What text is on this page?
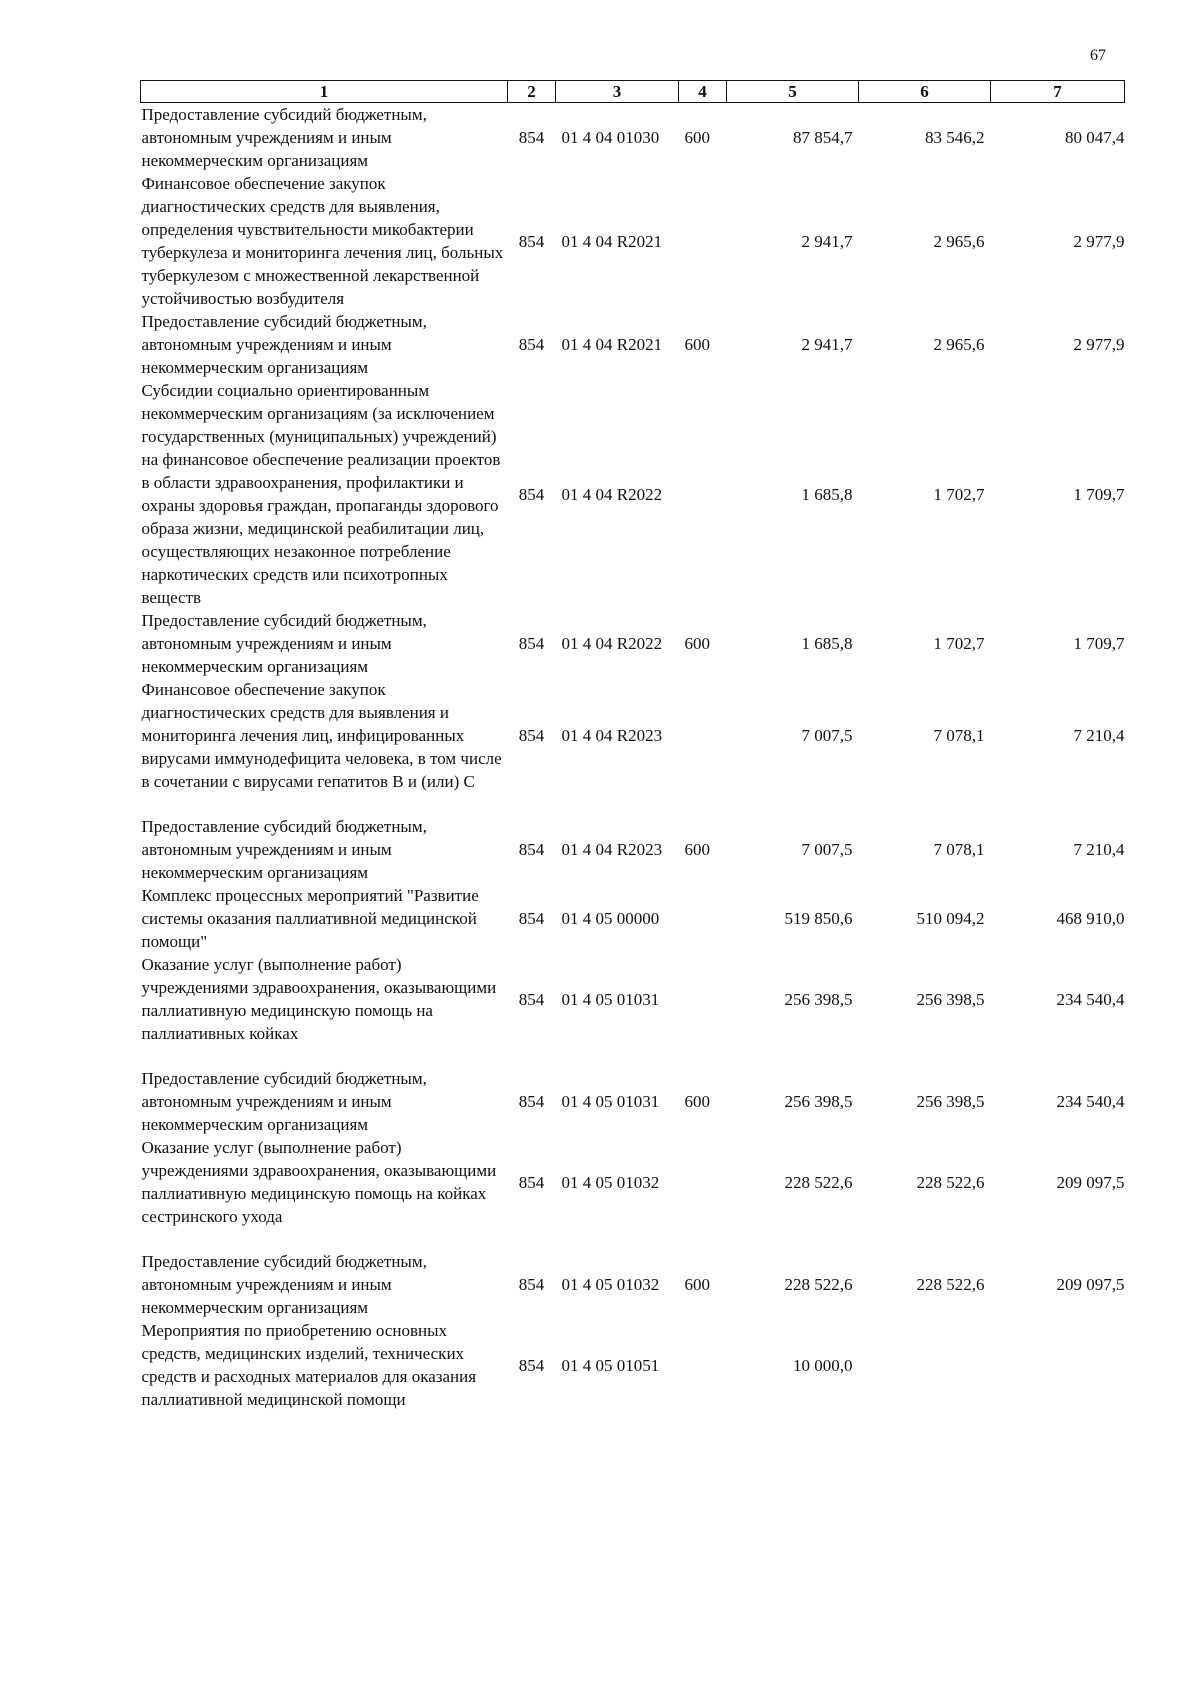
67
1	2	3	4	5	6	7
Предоставление субсидий бюджетным, автономным учреждениям и иным некоммерческим организациям	854	01 4 04 01030	600	87 854,7	83 546,2	80 047,4
Финансовое обеспечение закупок диагностических средств для выявления, определения чувствительности микобактерии туберкулеза и мониторинга лечения лиц, больных туберкулезом с множественной лекарственной устойчивостью возбудителя	854	01 4 04 R2021		2 941,7	2 965,6	2 977,9
Предоставление субсидий бюджетным, автономным учреждениям и иным некоммерческим организациям	854	01 4 04 R2021	600	2 941,7	2 965,6	2 977,9
Субсидии социально ориентированным некоммерческим организациям (за исключением государственных (муниципальных) учреждений) на финансовое обеспечение реализации проектов в области здравоохранения, профилактики и охраны здоровья граждан, пропаганды здорового образа жизни, медицинской реабилитации лиц, осуществляющих незаконное потребление наркотических средств или психотропных веществ	854	01 4 04 R2022		1 685,8	1 702,7	1 709,7
Предоставление субсидий бюджетным, автономным учреждениям и иным некоммерческим организациям	854	01 4 04 R2022	600	1 685,8	1 702,7	1 709,7
Финансовое обеспечение закупок диагностических средств для выявления и мониторинга лечения лиц, инфицированных вирусами иммунодефицита человека, в том числе в сочетании с вирусами гепатитов B и (или) C	854	01 4 04 R2023		7 007,5	7 078,1	7 210,4

Предоставление субсидий бюджетным, автономным учреждениям и иным некоммерческим организациям	854	01 4 04 R2023	600	7 007,5	7 078,1	7 210,4
Комплекс процессных мероприятий "Развитие системы оказания паллиативной медицинской помощи"	854	01 4 05 00000		519 850,6	510 094,2	468 910,0
Оказание услуг (выполнение работ) учреждениями здравоохранения, оказывающими паллиативную медицинскую помощь на паллиативных койках	854	01 4 05 01031		256 398,5	256 398,5	234 540,4

Предоставление субсидий бюджетным, автономным учреждениям и иным некоммерческим организациям	854	01 4 05 01031	600	256 398,5	256 398,5	234 540,4
Оказание услуг (выполнение работ) учреждениями здравоохранения, оказывающими паллиативную медицинскую помощь на койках сестринского ухода	854	01 4 05 01032		228 522,6	228 522,6	209 097,5

Предоставление субсидий бюджетным, автономным учреждениям и иным некоммерческим организациям	854	01 4 05 01032	600	228 522,6	228 522,6	209 097,5
Мероприятия по приобретению основных средств, медицинских изделий, технических средств и расходных материалов для оказания паллиативной медицинской помощи	854	01 4 05 01051		10 000,0		
